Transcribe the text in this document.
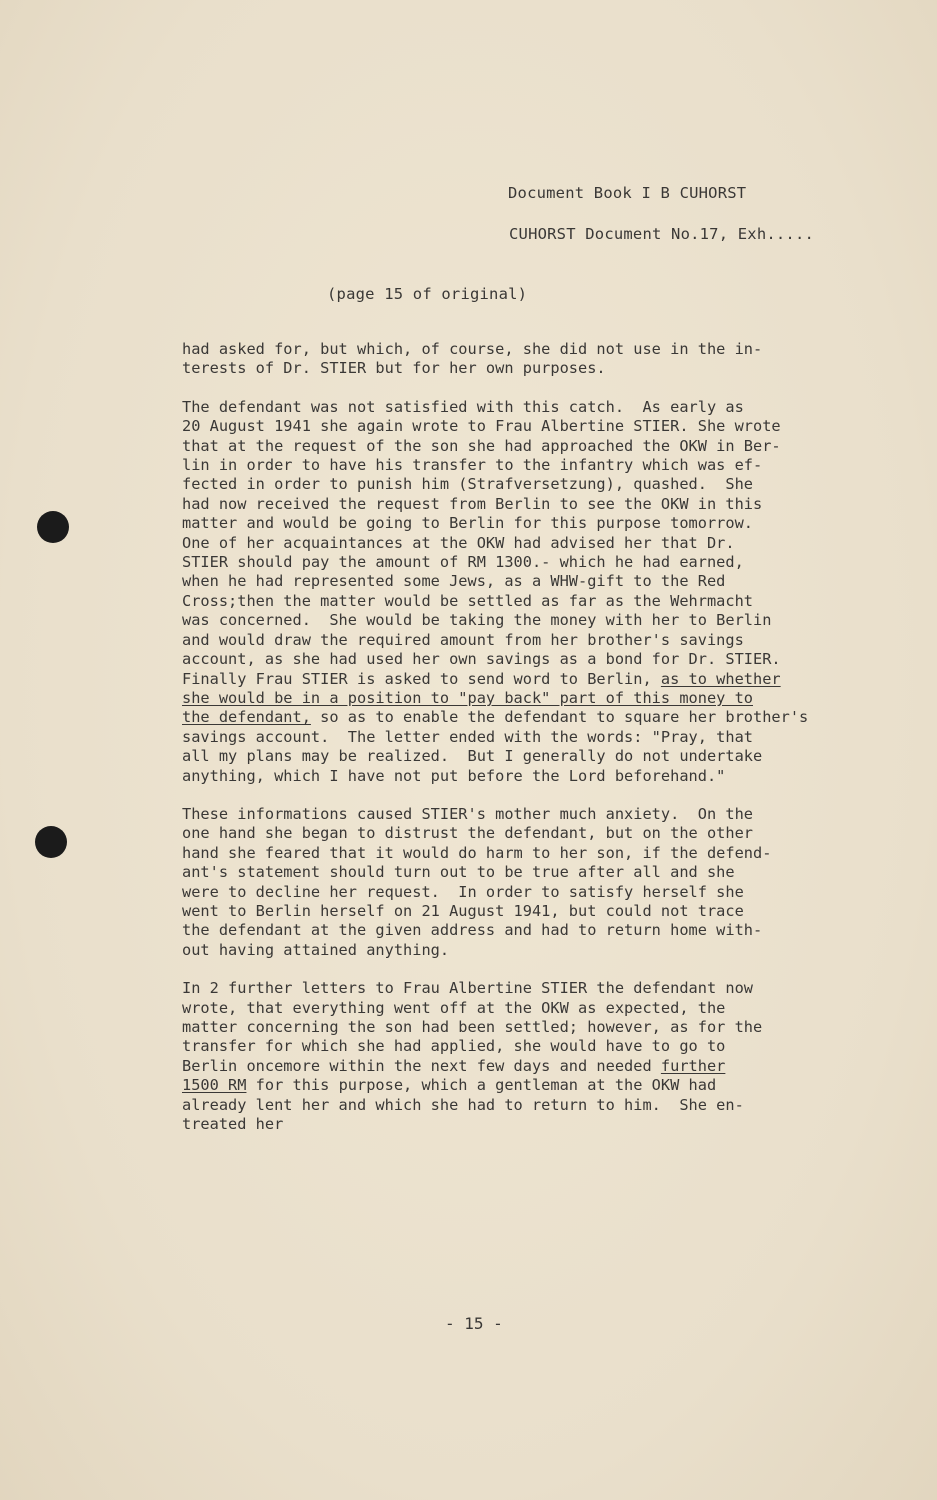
Document Book I B CUHORST
CUHORST Document No.17, Exh.....
(page 15 of original)

had asked for, but which, of course, she did not use in the in-
terests of Dr. STIER but for her own purposes.

The defendant was not satisfied with this catch.  As early as
20 August 1941 she again wrote to Frau Albertine STIER. She wrote
that at the request of the son she had approached the OKW in Ber-
lin in order to have his transfer to the infantry which was ef-
fected in order to punish him (Strafversetzung), quashed.  She
had now received the request from Berlin to see the OKW in this
matter and would be going to Berlin for this purpose tomorrow.
One of her acquaintances at the OKW had advised her that Dr.
STIER should pay the amount of RM 1300.- which he had earned,
when he had represented some Jews, as a WHW-gift to the Red
Cross;then the matter would be settled as far as the Wehrmacht
was concerned.  She would be taking the money with her to Berlin
and would draw the required amount from her brother's savings
account, as she had used her own savings as a bond for Dr. STIER.
Finally Frau STIER is asked to send word to Berlin, as to whether
she would be in a position to "pay back" part of this money to
the defendant, so as to enable the defendant to square her brother's
savings account.  The letter ended with the words: "Pray, that
all my plans may be realized.  But I generally do not undertake
anything, which I have not put before the Lord beforehand."

These informations caused STIER's mother much anxiety.  On the
one hand she began to distrust the defendant, but on the other
hand she feared that it would do harm to her son, if the defend-
ant's statement should turn out to be true after all and she
were to decline her request.  In order to satisfy herself she
went to Berlin herself on 21 August 1941, but could not trace
the defendant at the given address and had to return home with-
out having attained anything.

In 2 further letters to Frau Albertine STIER the defendant now
wrote, that everything went off at the OKW as expected, the
matter concerning the son had been settled; however, as for the
transfer for which she had applied, she would have to go to
Berlin oncemore within the next few days and needed further
1500 RM for this purpose, which a gentleman at the OKW had
already lent her and which she had to return to him.  She en-
treated her

- 15 -
